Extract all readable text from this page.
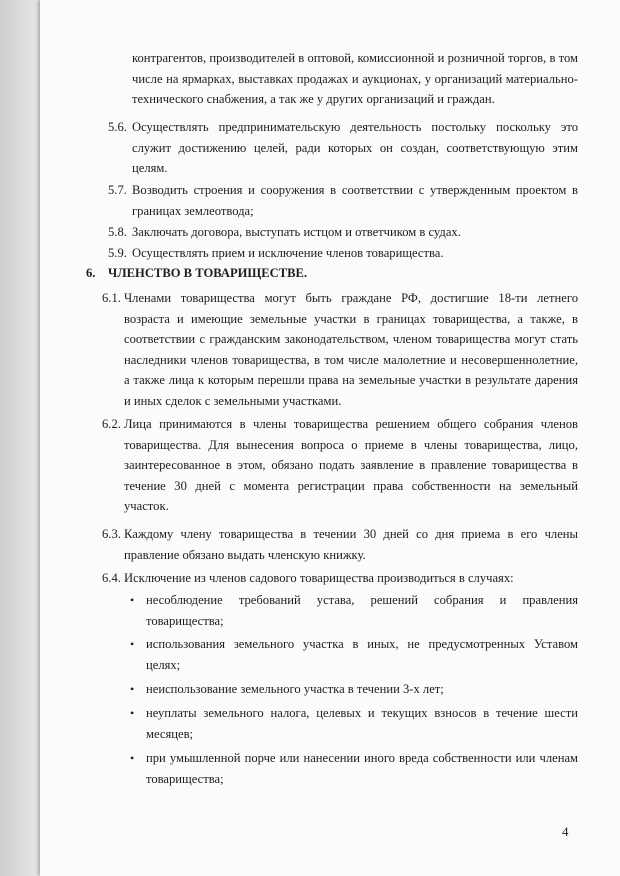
контрагентов, производителей в оптовой, комиссионной и розничной торгов, в том
числе на ярмарках, выставках продажах и аукционах, у организаций материально-
технического снабжения, а так же у других организаций и граждан.
5.6. Осуществлять предпринимательскую деятельность постольку поскольку это
служит достижению целей, ради которых он создан, соответствующую этим
целям.
5.7. Возводить строения и сооружения в соответствии с утвержденным проектом в
границах землеотвода;
5.8. Заключать договора, выступать истцом и ответчиком в судах.
5.9. Осуществлять прием и исключение членов товарищества.
6. ЧЛЕНСТВО В ТОВАРИЩЕСТВЕ.
6.1. Членами товарищества могут быть граждане РФ, достигшие 18-ти летнего
возраста и имеющие земельные участки в границах товарищества, а также, в
соответствии с гражданским законодательством, членом товарищества могут стать
наследники членов товарищества, в том числе малолетние и несовершеннолетние,
а также лица к которым перешли права на земельные участки в результате дарения
и иных сделок с земельными участками.
6.2. Лица принимаются в члены товарищества решением общего собрания членов
товарищества. Для вынесения вопроса о приеме в члены товарищества, лицо,
заинтересованное в этом, обязано подать заявление в правление товарищества в
течение 30 дней с момента регистрации права собственности на земельный
участок.
6.3. Каждому члену товарищества в течении 30 дней со дня приема в его члены
правление обязано выдать членскую книжку.
6.4. Исключение из членов садового товарищества производиться в случаях:
• несоблюдение требований устава, решений собрания и правления
товарищества;
• использования земельного участка в иных, не предусмотренных Уставом
целях;
• неиспользование земельного участка в течении 3-х лет;
• неуплаты земельного налога, целевых и текущих взносов в течение шести
месяцев;
• при умышленной порче или нанесении иного вреда собственности или членам
товарищества;
4
